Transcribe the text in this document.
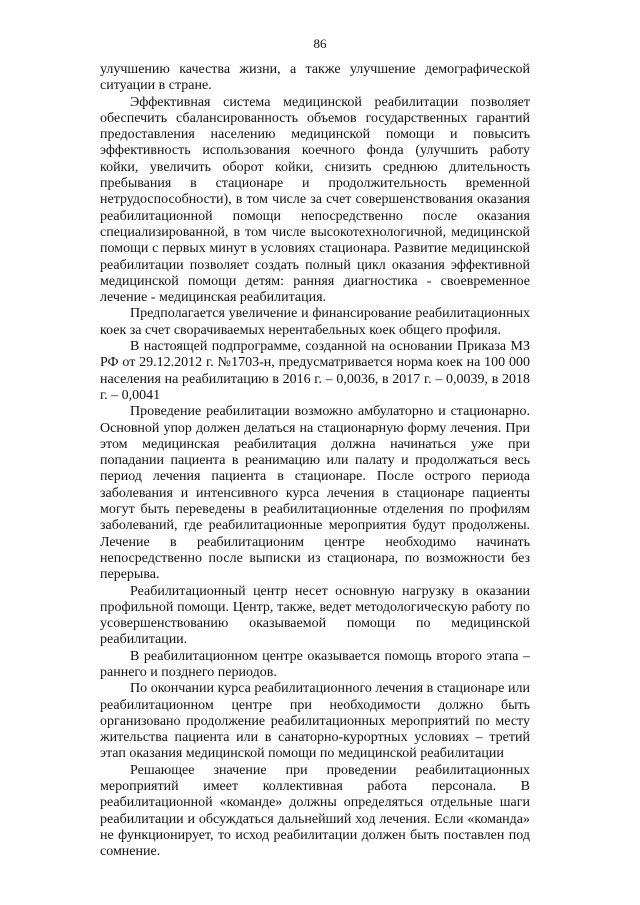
86

улучшению качества жизни, а также улучшение демографической ситуации в стране.

Эффективная система медицинской реабилитации позволяет обеспечить сбалансированность объемов государственных гарантий предоставления населению медицинской помощи и повысить эффективность использования коечного фонда (улучшить работу койки, увеличить оборот койки, снизить среднюю длительность пребывания в стационаре и продолжительность временной нетрудоспособности), в том числе за счет совершенствования оказания реабилитационной помощи непосредственно после оказания специализированной, в том числе высокотехнологичной, медицинской помощи с первых минут в условиях стационара. Развитие медицинской реабилитации позволяет создать полный цикл оказания эффективной медицинской помощи детям: ранняя диагностика - своевременное лечение - медицинская реабилитация.

Предполагается увеличение и финансирование реабилитационных коек за счет сворачиваемых нерентабельных коек общего профиля.

В настоящей подпрограмме, созданной на основании Приказа МЗ РФ от 29.12.2012 г. №1703-н, предусматривается норма коек на 100 000 населения на реабилитацию в 2016 г. – 0,0036, в 2017 г. – 0,0039, в 2018 г. – 0,0041

Проведение реабилитации возможно амбулаторно и стационарно. Основной упор должен делаться на стационарную форму лечения. При этом медицинская реабилитация должна начинаться уже при попадании пациента в реанимацию или палату и продолжаться весь период лечения пациента в стационаре. После острого периода заболевания и интенсивного курса лечения в стационаре пациенты могут быть переведены в реабилитационные отделения по профилям заболеваний, где реабилитационные мероприятия будут продолжены. Лечение в реабилитационим центре необходимо начинать непосредственно после выписки из стационара, по возможности без перерыва.

Реабилитационный центр несет основную нагрузку в оказании профильной помощи. Центр, также, ведет методологическую работу по усовершенствованию оказываемой помощи по медицинской реабилитации.

В реабилитационном центре оказывается помощь второго этапа – раннего и позднего периодов.

По окончании курса реабилитационного лечения в стационаре или реабилитационном центре при необходимости должно быть организовано продолжение реабилитационных мероприятий по месту жительства пациента или в санаторно-курортных условиях – третий этап оказания медицинской помощи по медицинской реабилитации

Решающее значение при проведении реабилитационных мероприятий имеет коллективная работа персонала. В реабилитационной «команде» должны определяться отдельные шаги реабилитации и обсуждаться дальнейший ход лечения. Если «команда» не функционирует, то исход реабилитации должен быть поставлен под сомнение.
